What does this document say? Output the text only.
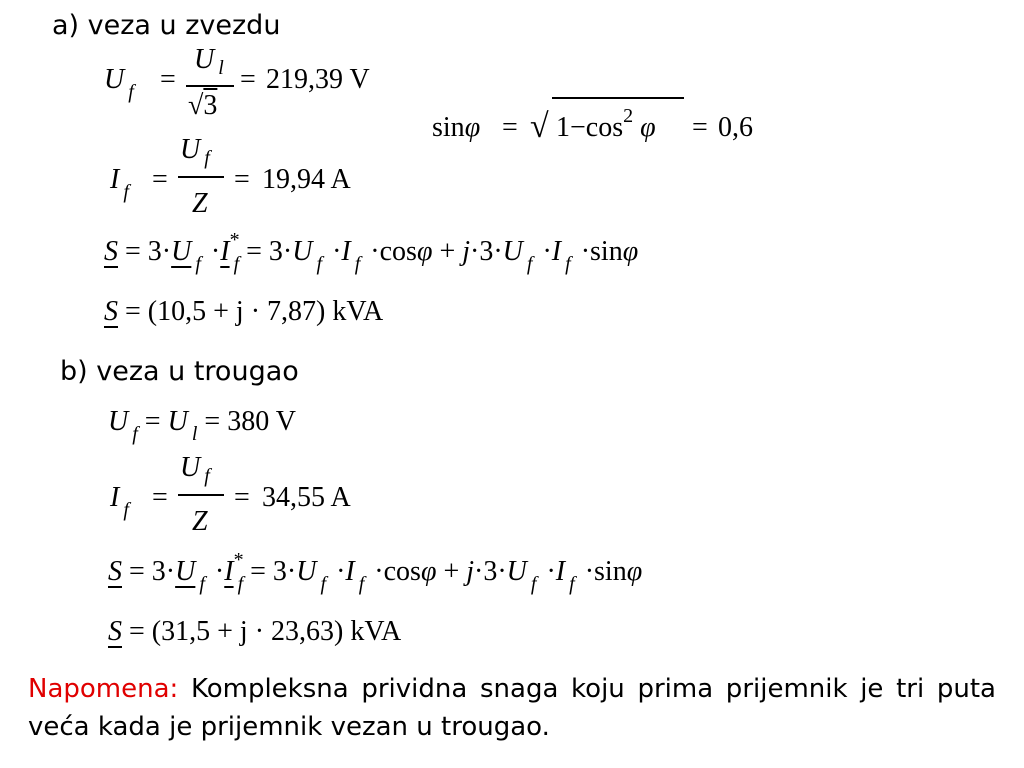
a) veza u zvezdu
U $_f$ =
U $_l$
√3
= 219,39 V
sinφ = √ $1-\cos^2$ φ = 0,6
I $_f$ =
U $_f$
Z
= 19,94 A
S = 3·U $_f \cdot I^*_f = 3\cdot U$ $_f$ ·I $_f$ ·cosφ + j·3·U $_f$ ·I $_f$ ·sinφ
S = (10,5 + j · 7,87) kVA
b) veza u trougao
U $_f$ = U $_l$ = 380 V
I $_f$ =
U $_f$
Z
= 34,55 A
S = 3·U $_f \cdot I^*_f = 3\cdot U$ $_f$ ·I $_f$ ·cosφ + j·3·U $_f$ ·I $_f$ ·sinφ
S = (31,5 + j · 23,63) kVA
Napomena: Kompleksna prividna snaga koju prima prijemnik je tri puta veća kada je prijemnik vezan u trougao.
